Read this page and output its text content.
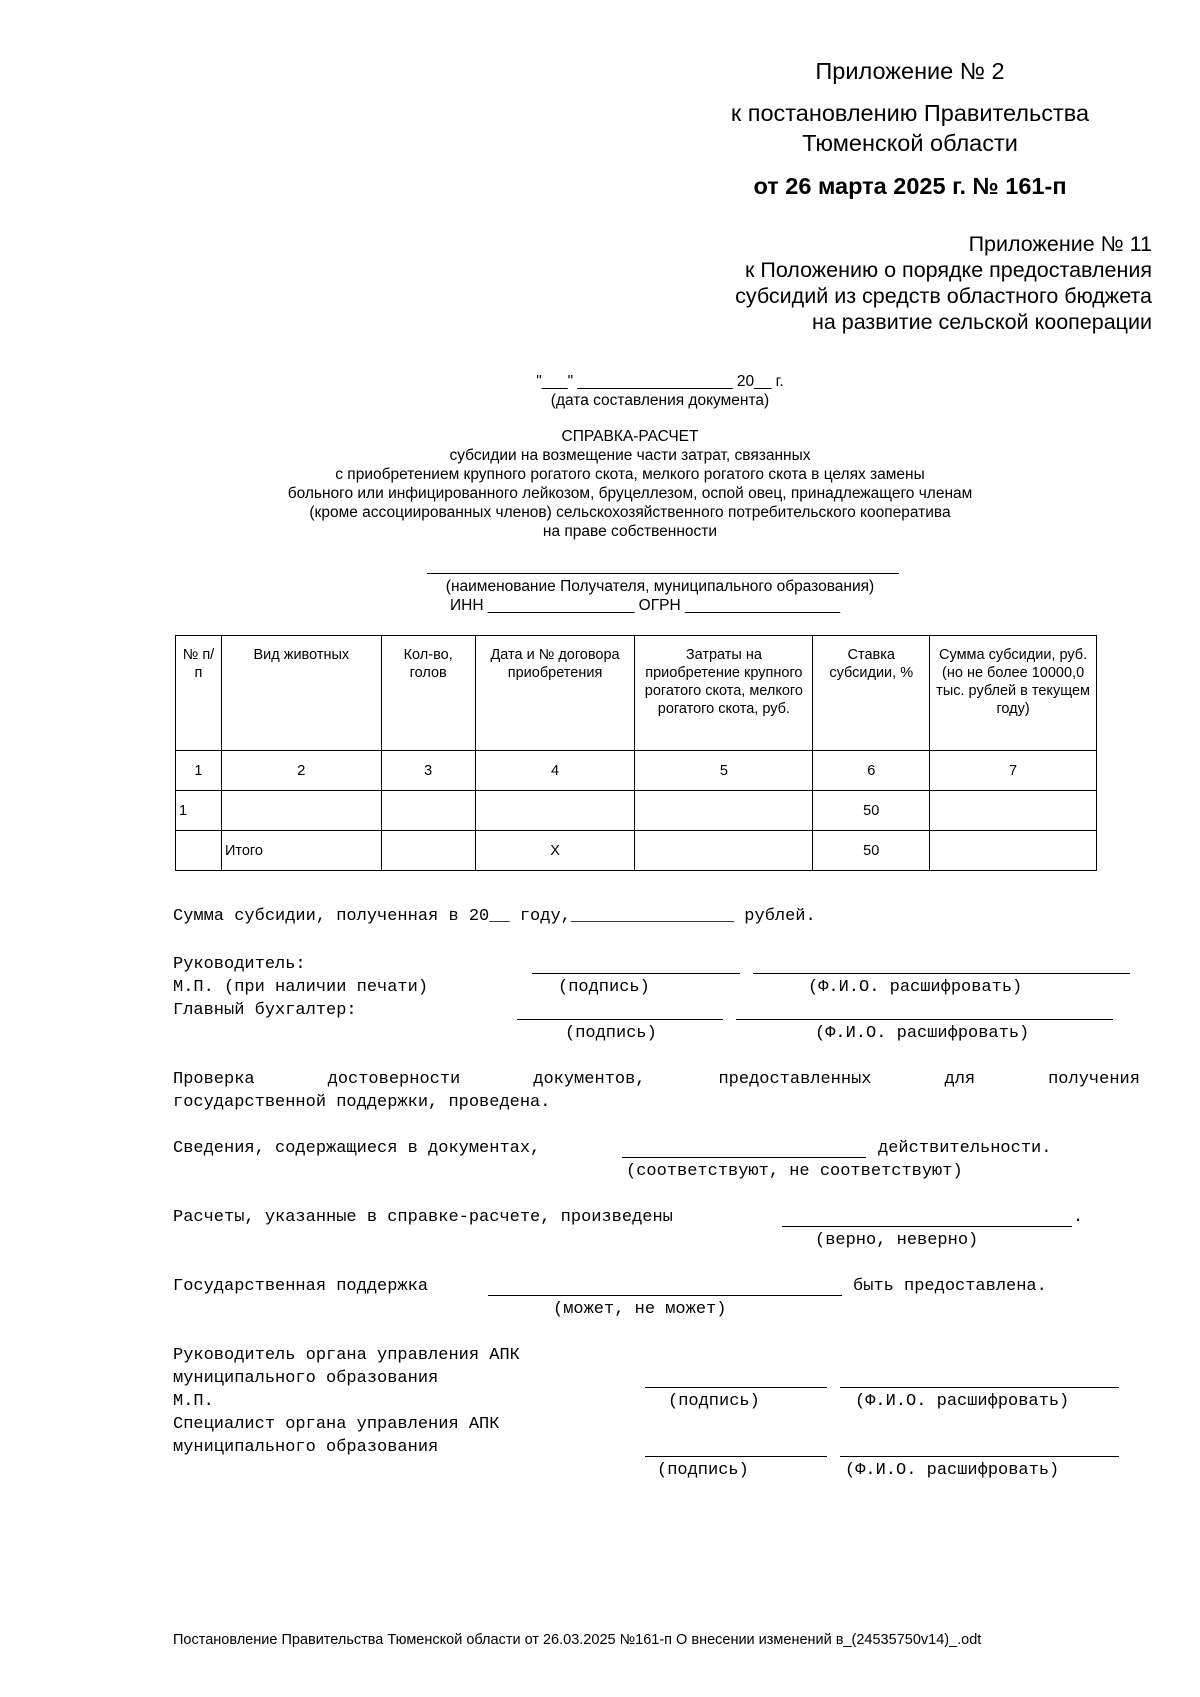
Приложение № 2
к постановлению Правительства
Тюменской области
от 26 марта 2025 г. № 161-п
Приложение № 11
к Положению о порядке предоставления
субсидий из средств областного бюджета
на развитие сельской кооперации
"___" __________________ 20__ г.
(дата составления документа)
СПРАВКА-РАСЧЕТ
субсидии на возмещение части затрат, связанных
с приобретением крупного рогатого скота, мелкого рогатого скота в целях замены
больного или инфицированного лейкозом, бруцеллезом, оспой овец, принадлежащего членам
(кроме ассоциированных членов) сельскохозяйственного потребительского кооператива
на праве собственности
(наименование Получателя, муниципального образования)
ИНН _________________ ОГРН __________________
№ п/п	Вид животных	Кол-во, голов	Дата и № договора приобретения	Затраты на приобретение крупного рогатого скота, мелкого рогатого скота, руб.	Ставка субсидии, %	Сумма субсидии, руб. (но не более 10000,0 тыс. рублей в текущем году)
1	2	3	4	5	6	7
1					50	
	Итого		Х		50	
Сумма субсидии, полученная в 20__ году,________________ рублей.
Руководитель:
М.П. (при наличии печати)	(подпись)	(Ф.И.О. расшифровать)
Главный бухгалтер:
(подпись)	(Ф.И.О. расшифровать)
Проверка	достоверности	документов,	предоставленных	для	получения
государственной поддержки, проведена.
Сведения, содержащиеся в документах,	действительности.
(соответствуют, не соответствуют)
Расчеты, указанные в справке-расчете, произведены	.
(верно, неверно)
Государственная поддержка	быть предоставлена.
(может, не может)
Руководитель органа управления АПК
муниципального образования
М.П.	(подпись)	(Ф.И.О. расшифровать)
Специалист органа управления АПК
муниципального образования
(подпись)	(Ф.И.О. расшифровать)
Постановление Правительства Тюменской области от 26.03.2025 №161-п О внесении изменений в_(24535750v14)_.odt
